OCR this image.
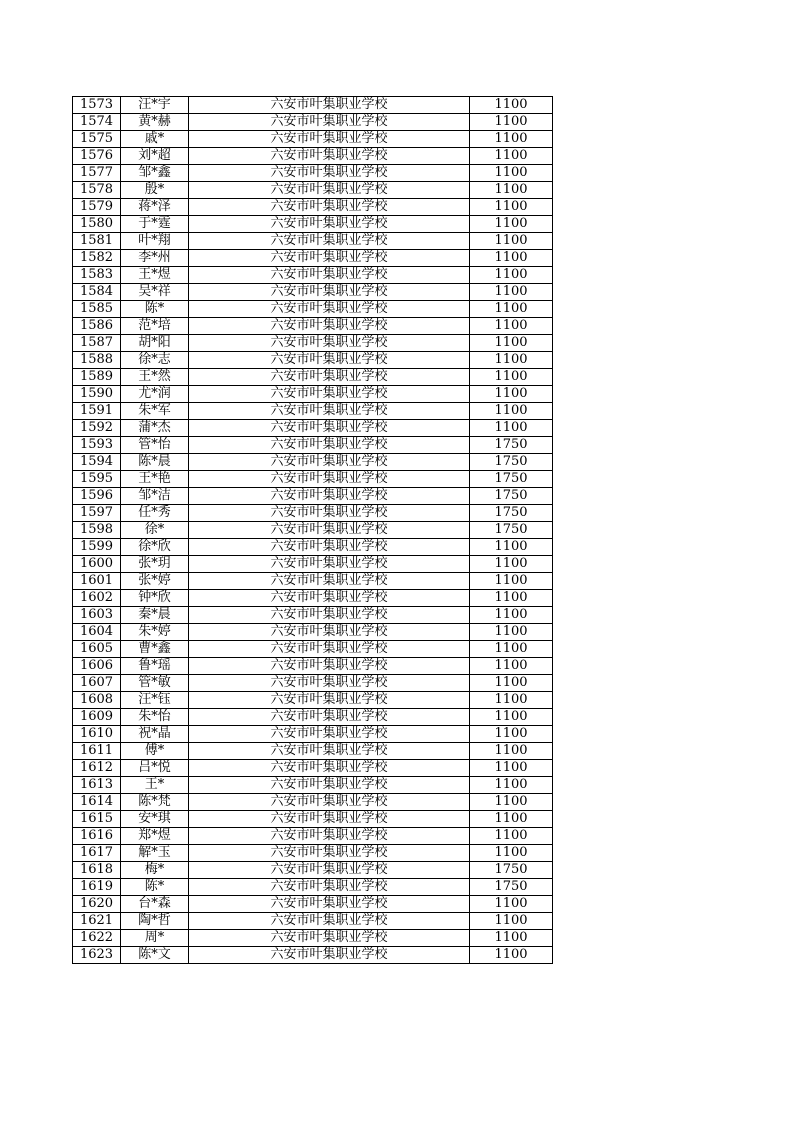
1573	汪*宇	六安市叶集职业学校	1100
1574	黄*赫	六安市叶集职业学校	1100
1575	戚*	六安市叶集职业学校	1100
1576	刘*超	六安市叶集职业学校	1100
1577	邹*鑫	六安市叶集职业学校	1100
1578	殷*	六安市叶集职业学校	1100
1579	蒋*泽	六安市叶集职业学校	1100
1580	于*霆	六安市叶集职业学校	1100
1581	叶*翔	六安市叶集职业学校	1100
1582	李*州	六安市叶集职业学校	1100
1583	王*煜	六安市叶集职业学校	1100
1584	吴*祥	六安市叶集职业学校	1100
1585	陈*	六安市叶集职业学校	1100
1586	范*培	六安市叶集职业学校	1100
1587	胡*阳	六安市叶集职业学校	1100
1588	徐*志	六安市叶集职业学校	1100
1589	王*然	六安市叶集职业学校	1100
1590	尤*润	六安市叶集职业学校	1100
1591	朱*军	六安市叶集职业学校	1100
1592	蒲*杰	六安市叶集职业学校	1100
1593	管*怡	六安市叶集职业学校	1750
1594	陈*晨	六安市叶集职业学校	1750
1595	王*艳	六安市叶集职业学校	1750
1596	邹*洁	六安市叶集职业学校	1750
1597	任*秀	六安市叶集职业学校	1750
1598	徐*	六安市叶集职业学校	1750
1599	徐*欣	六安市叶集职业学校	1100
1600	张*玥	六安市叶集职业学校	1100
1601	张*婷	六安市叶集职业学校	1100
1602	钟*欣	六安市叶集职业学校	1100
1603	秦*晨	六安市叶集职业学校	1100
1604	朱*婷	六安市叶集职业学校	1100
1605	曹*鑫	六安市叶集职业学校	1100
1606	鲁*瑶	六安市叶集职业学校	1100
1607	管*敏	六安市叶集职业学校	1100
1608	汪*钰	六安市叶集职业学校	1100
1609	朱*怡	六安市叶集职业学校	1100
1610	祝*晶	六安市叶集职业学校	1100
1611	傅*	六安市叶集职业学校	1100
1612	吕*悦	六安市叶集职业学校	1100
1613	王*	六安市叶集职业学校	1100
1614	陈*梵	六安市叶集职业学校	1100
1615	安*琪	六安市叶集职业学校	1100
1616	郑*煜	六安市叶集职业学校	1100
1617	解*玉	六安市叶集职业学校	1100
1618	梅*	六安市叶集职业学校	1750
1619	陈*	六安市叶集职业学校	1750
1620	台*森	六安市叶集职业学校	1100
1621	陶*哲	六安市叶集职业学校	1100
1622	周*	六安市叶集职业学校	1100
1623	陈*文	六安市叶集职业学校	1100
